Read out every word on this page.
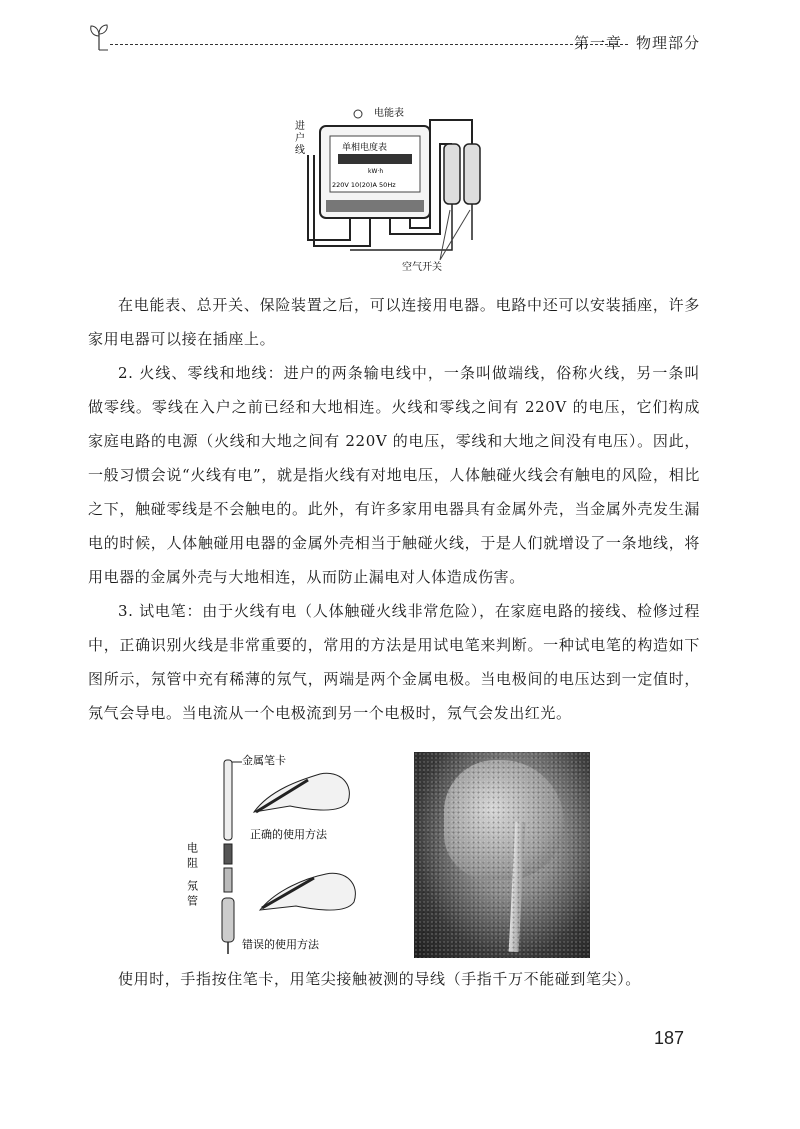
第一章 物理部分
进户线
电能表
单相电度表
kW·h
220V 10(20)A 50Hz
空气开关

在电能表、总开关、保险装置之后，可以连接用电器。电路中还可以安装插座，许多家用电器可以接在插座上。

2. 火线、零线和地线：进户的两条输电线中，一条叫做端线，俗称火线，另一条叫做零线。零线在入户之前已经和大地相连。火线和零线之间有 220V 的电压，它们构成家庭电路的电源（火线和大地之间有 220V 的电压，零线和大地之间没有电压）。因此，一般习惯会说“火线有电”，就是指火线有对地电压，人体触碰火线会有触电的风险，相比之下，触碰零线是不会触电的。此外，有许多家用电器具有金属外壳，当金属外壳发生漏电的时候，人体触碰用电器的金属外壳相当于触碰火线，于是人们就增设了一条地线，将用电器的金属外壳与大地相连，从而防止漏电对人体造成伤害。

3. 试电笔：由于火线有电（人体触碰火线非常危险），在家庭电路的接线、检修过程中，正确识别火线是非常重要的，常用的方法是用试电笔来判断。一种试电笔的构造如下图所示，氖管中充有稀薄的氖气，两端是两个金属电极。当电极间的电压达到一定值时，氖气会导电。当电流从一个电极流到另一个电极时，氖气会发出红光。

金属笔卡
电阻
氖管
正确的使用方法
错误的使用方法

使用时，手指按住笔卡，用笔尖接触被测的导线（手指千万不能碰到笔尖）。

187
